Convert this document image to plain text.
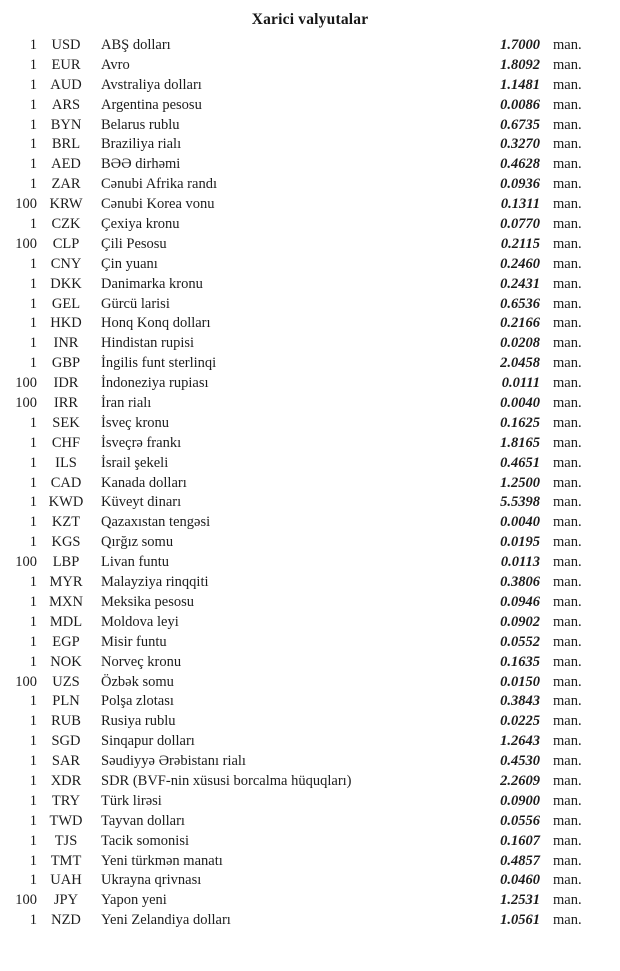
Xarici valyutalar
1 USD	ABŞ dolları	1.7000 man.
1	EUR	Avro	1.8092 man.
1 AUD	Avstraliya dolları	1.1481 man.
1	ARS	Argentina pesosu	0.0086 man.
1 BYN	Belarus rublu	0.6735 man.
1	BRL	Braziliya rialı	0.3270 man.
1 AED	BƏƏ dirhəmi	0.4628 man.
1	ZAR	Cənubi Afrika randı	0.0936 man.
100 KRW	Cənubi Korea vonu	0.1311 man.
1	CZK	Çexiya kronu	0.0770 man.
100	CLP	Çili Pesosu	0.2115 man.
1 CNY	Çin yuanı	0.2460 man.
1 DKK	Danimarka kronu	0.2431 man.
1	GEL	Gürcü larisi	0.6536 man.
1 HKD	Honq Konq dolları	0.2166 man.
1	INR	Hindistan rupisi	0.0208 man.
1	GBP	İngilis funt sterlinqi	2.0458 man.
100	IDR	İndoneziya rupiası	0.0111 man.
100	IRR	İran rialı	0.0040 man.
1	SEK	İsveç kronu	0.1625 man.
1	CHF	İsveçrə frankı	1.8165 man.
1	ILS	İsrail şekeli	0.4651 man.
1 CAD	Kanada dolları	1.2500 man.
1 KWD	Küveyt dinarı	5.5398 man.
1	KZT	Qazaxıstan tengəsi	0.0040 man.
1 KGS	Qırğız somu	0.0195 man.
100	LBP	Livan funtu	0.0113 man.
1 MYR	Malayziya rinqqiti	0.3806 man.
1 MXN	Meksika pesosu	0.0946 man.
1 MDL	Moldova leyi	0.0902 man.
1	EGP	Misir funtu	0.0552 man.
1 NOK	Norveç kronu	0.1635 man.
100	UZS	Özbək somu	0.0150 man.
1	PLN	Polşa zlotası	0.3843 man.
1 RUB	Rusiya rublu	0.0225 man.
1 SGD	Sinqapur dolları	1.2643 man.
1	SAR	Səudiyyə Ərəbistanı rialı	0.4530 man.
1 XDR	SDR (BVF-nin xüsusi borcalma hüquqları)	2.2609 man.
1	TRY	Türk lirəsi	0.0900 man.
1 TWD	Tayvan dolları	0.0556 man.
1	TJS	Tacik somonisi	0.1607 man.
1 TMT	Yeni türkmən manatı	0.4857 man.
1 UAH	Ukrayna qrivnası	0.0460 man.
100	JPY	Yapon yeni	1.2531 man.
1 NZD	Yeni Zelandiya dolları	1.0561 man.
